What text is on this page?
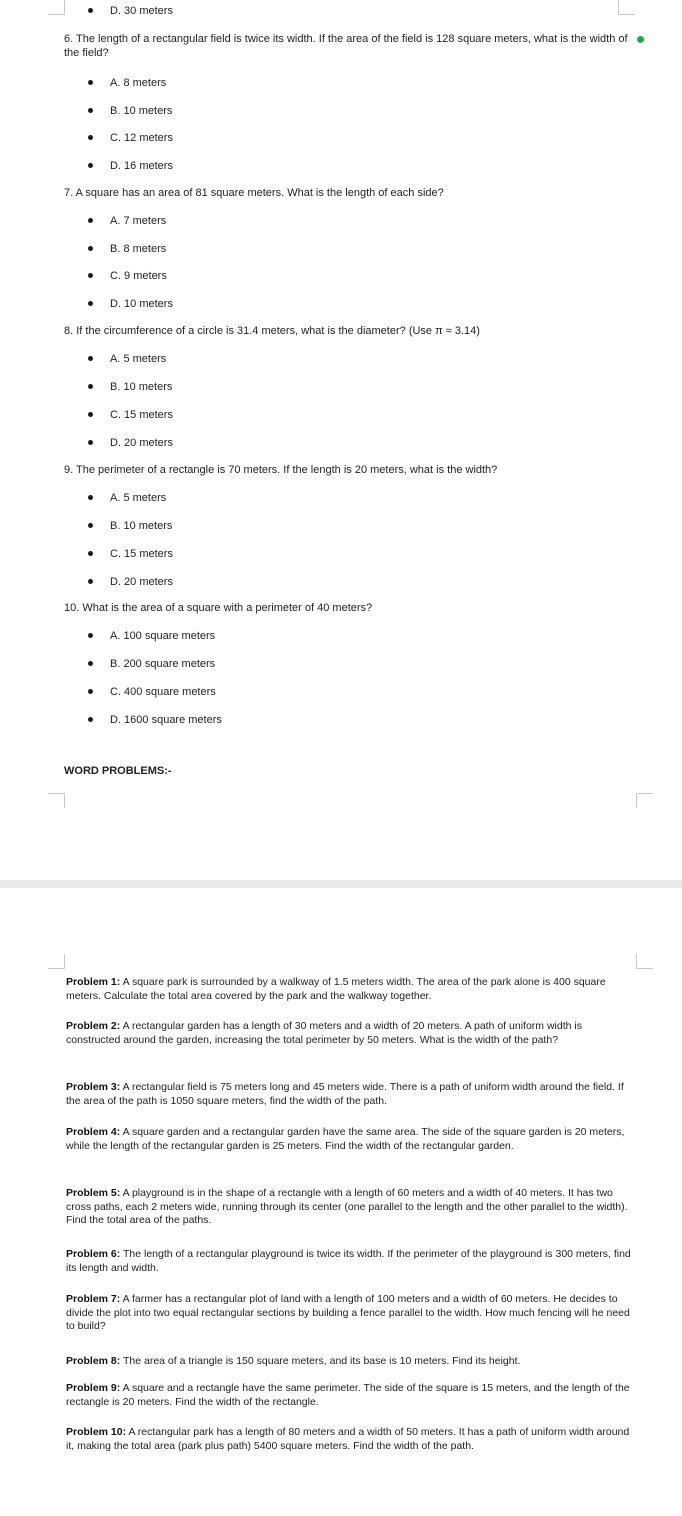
D. 30 meters
6. The length of a rectangular field is twice its width. If the area of the field is 128 square meters, what is the width of the field?
A. 8 meters
B. 10 meters
C. 12 meters
D. 16 meters
7. A square has an area of 81 square meters. What is the length of each side?
A. 7 meters
B. 8 meters
C. 9 meters
D. 10 meters
8. If the circumference of a circle is 31.4 meters, what is the diameter? (Use π ≈ 3.14)
A. 5 meters
B. 10 meters
C. 15 meters
D. 20 meters
9. The perimeter of a rectangle is 70 meters. If the length is 20 meters, what is the width?
A. 5 meters
B. 10 meters
C. 15 meters
D. 20 meters
10. What is the area of a square with a perimeter of 40 meters?
A. 100 square meters
B. 200 square meters
C. 400 square meters
D. 1600 square meters
WORD PROBLEMS:-
Problem 1: A square park is surrounded by a walkway of 1.5 meters width. The area of the park alone is 400 square meters. Calculate the total area covered by the park and the walkway together.
Problem 2: A rectangular garden has a length of 30 meters and a width of 20 meters. A path of uniform width is constructed around the garden, increasing the total perimeter by 50 meters. What is the width of the path?
Problem 3: A rectangular field is 75 meters long and 45 meters wide. There is a path of uniform width around the field. If the area of the path is 1050 square meters, find the width of the path.
Problem 4: A square garden and a rectangular garden have the same area. The side of the square garden is 20 meters, while the length of the rectangular garden is 25 meters. Find the width of the rectangular garden.
Problem 5: A playground is in the shape of a rectangle with a length of 60 meters and a width of 40 meters. It has two cross paths, each 2 meters wide, running through its center (one parallel to the length and the other parallel to the width). Find the total area of the paths.
Problem 6: The length of a rectangular playground is twice its width. If the perimeter of the playground is 300 meters, find its length and width.
Problem 7: A farmer has a rectangular plot of land with a length of 100 meters and a width of 60 meters. He decides to divide the plot into two equal rectangular sections by building a fence parallel to the width. How much fencing will he need to build?
Problem 8: The area of a triangle is 150 square meters, and its base is 10 meters. Find its height.
Problem 9: A square and a rectangle have the same perimeter. The side of the square is 15 meters, and the length of the rectangle is 20 meters. Find the width of the rectangle.
Problem 10: A rectangular park has a length of 80 meters and a width of 50 meters. It has a path of uniform width around it, making the total area (park plus path) 5400 square meters. Find the width of the path.
